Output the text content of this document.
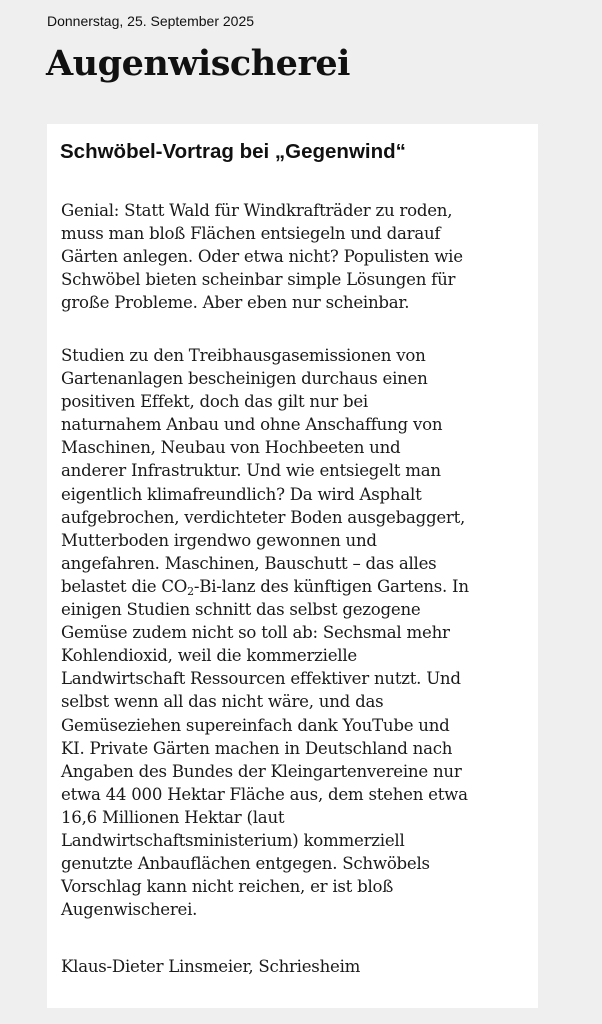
Donnerstag, 25. September 2025
Augenwischerei
Schwöbel-Vortrag bei „Gegenwind“
Genial: Statt Wald für Windkrafträder zu roden,
muss man bloß Flächen entsiegeln und darauf
Gärten anlegen. Oder etwa nicht? Populisten wie
Schwöbel bieten scheinbar simple Lösungen für
große Probleme. Aber eben nur scheinbar.
Studien zu den Treibhausgasemissionen von
Gartenanlagen bescheinigen durchaus einen
positiven Effekt, doch das gilt nur bei
naturnahem Anbau und ohne Anschaffung von
Maschinen, Neubau von Hochbeeten und
anderer Infrastruktur. Und wie entsiegelt man
eigentlich klimafreundlich? Da wird Asphalt
aufgebrochen, verdichteter Boden ausgebaggert,
Mutterboden irgendwo gewonnen und
angefahren. Maschinen, Bauschutt – das alles
belastet die $CO_2-Bi$-lanz des künftigen Gartens. In
einigen Studien schnitt das selbst gezogene
Gemüse zudem nicht so toll ab: Sechsmal mehr
Kohlendioxid, weil die kommerzielle
Landwirtschaft Ressourcen effektiver nutzt. Und
selbst wenn all das nicht wäre, und das
Gemüseziehen supereinfach dank YouTube und
KI. Private Gärten machen in Deutschland nach
Angaben des Bundes der Kleingartenvereine nur
etwa 44 000 Hektar Fläche aus, dem stehen etwa
16,6 Millionen Hektar (laut
Landwirtschaftsministerium) kommerziell
genutzte Anbauflächen entgegen. Schwöbels
Vorschlag kann nicht reichen, er ist bloß
Augenwischerei.

Klaus-Dieter Linsmeier, Schriesheim
